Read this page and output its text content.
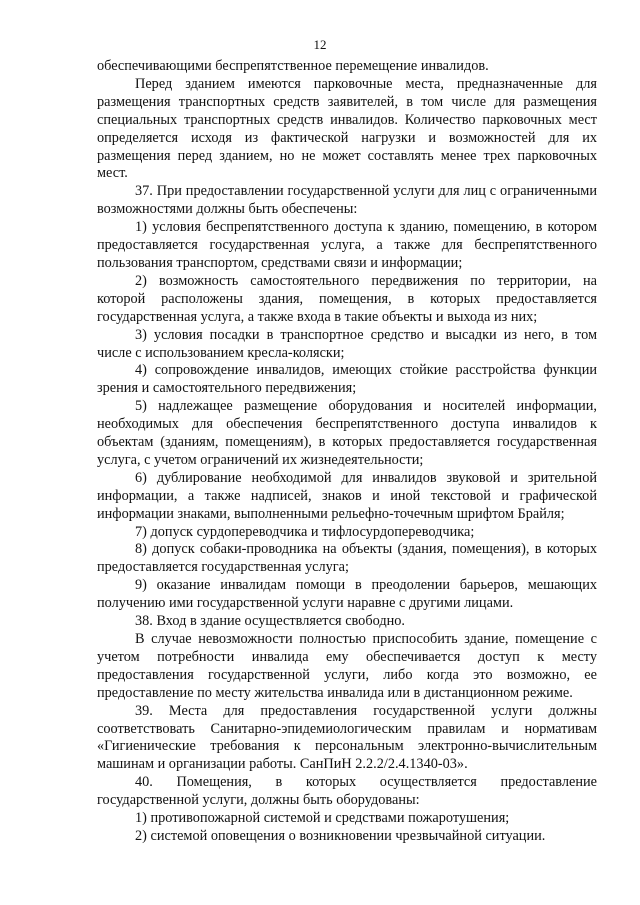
12

обеспечивающими беспрепятственное перемещение инвалидов.

Перед зданием имеются парковочные места, предназначенные для размещения транспортных средств заявителей, в том числе для размещения специальных транспортных средств инвалидов. Количество парковочных мест определяется исходя из фактической нагрузки и возможностей для их размещения перед зданием, но не может составлять менее трех парковочных мест.

37. При предоставлении государственной услуги для лиц с ограниченными возможностями должны быть обеспечены:

1) условия беспрепятственного доступа к зданию, помещению, в котором предоставляется государственная услуга, а также для беспрепятственного пользования транспортом, средствами связи и информации;

2) возможность самостоятельного передвижения по территории, на которой расположены здания, помещения, в которых предоставляется государственная услуга, а также входа в такие объекты и выхода из них;

3) условия посадки в транспортное средство и высадки из него, в том числе с использованием кресла-коляски;

4) сопровождение инвалидов, имеющих стойкие расстройства функции зрения и самостоятельного передвижения;

5) надлежащее размещение оборудования и носителей информации, необходимых для обеспечения беспрепятственного доступа инвалидов к объектам (зданиям, помещениям), в которых предоставляется государственная услуга, с учетом ограничений их жизнедеятельности;

6) дублирование необходимой для инвалидов звуковой и зрительной информации, а также надписей, знаков и иной текстовой и графической информации знаками, выполненными рельефно-точечным шрифтом Брайля;

7) допуск сурдопереводчика и тифлосурдопереводчика;

8) допуск собаки-проводника на объекты (здания, помещения), в которых предоставляется государственная услуга;

9) оказание инвалидам помощи в преодолении барьеров, мешающих получению ими государственной услуги наравне с другими лицами.

38. Вход в здание осуществляется свободно.

В случае невозможности полностью приспособить здание, помещение с учетом потребности инвалида ему обеспечивается доступ к месту предоставления государственной услуги, либо когда это возможно, ее предоставление по месту жительства инвалида или в дистанционном режиме.

39. Места для предоставления государственной услуги должны соответствовать Санитарно-эпидемиологическим правилам и нормативам «Гигиенические требования к персональным электронно-вычислительным машинам и организации работы. СанПиН 2.2.2/2.4.1340-03».

40. Помещения, в которых осуществляется предоставление государственной услуги, должны быть оборудованы:

1) противопожарной системой и средствами пожаротушения;

2) системой оповещения о возникновении чрезвычайной ситуации.
